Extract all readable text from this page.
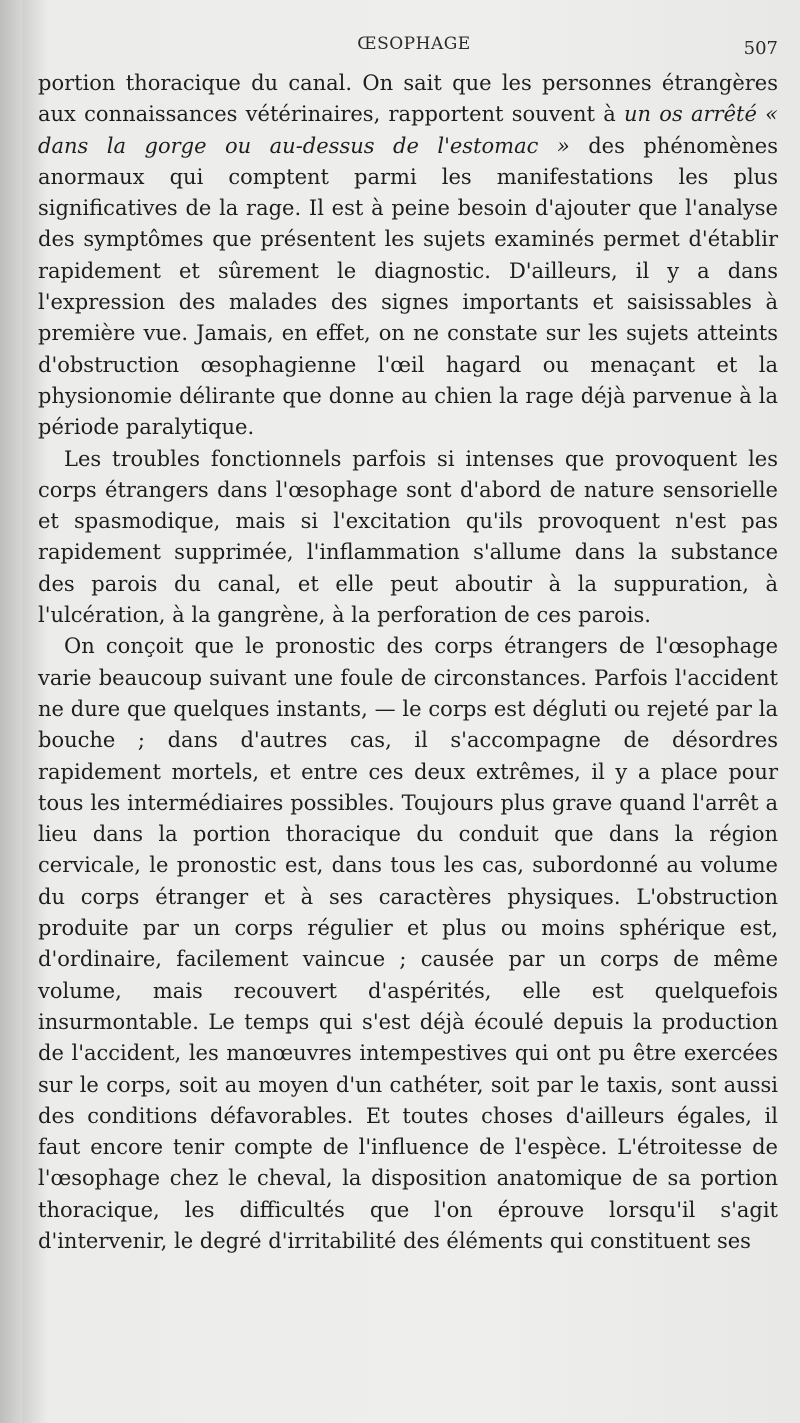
ŒSOPHAGE	507

portion thoracique du canal. On sait que les personnes étrangères aux connaissances vétérinaires, rapportent souvent à un os arrêté « dans la gorge ou au-dessus de l'estomac » des phénomènes anormaux qui comptent parmi les manifestations les plus significatives de la rage. Il est à peine besoin d'ajouter que l'analyse des symptômes que présentent les sujets examinés permet d'établir rapidement et sûrement le diagnostic. D'ailleurs, il y a dans l'expression des malades des signes importants et saisissables à première vue. Jamais, en effet, on ne constate sur les sujets atteints d'obstruction œsophagienne l'œil hagard ou menaçant et la physionomie délirante que donne au chien la rage déjà parvenue à la période paralytique.

Les troubles fonctionnels parfois si intenses que provoquent les corps étrangers dans l'œsophage sont d'abord de nature sensorielle et spasmodique, mais si l'excitation qu'ils provoquent n'est pas rapidement supprimée, l'inflammation s'allume dans la substance des parois du canal, et elle peut aboutir à la suppuration, à l'ulcération, à la gangrène, à la perforation de ces parois.

On conçoit que le pronostic des corps étrangers de l'œsophage varie beaucoup suivant une foule de circonstances. Parfois l'accident ne dure que quelques instants, — le corps est dégluti ou rejeté par la bouche ; dans d'autres cas, il s'accompagne de désordres rapidement mortels, et entre ces deux extrêmes, il y a place pour tous les intermédiaires possibles. Toujours plus grave quand l'arrêt a lieu dans la portion thoracique du conduit que dans la région cervicale, le pronostic est, dans tous les cas, subordonné au volume du corps étranger et à ses caractères physiques. L'obstruction produite par un corps régulier et plus ou moins sphérique est, d'ordinaire, facilement vaincue ; causée par un corps de même volume, mais recouvert d'aspérités, elle est quelquefois insurmontable. Le temps qui s'est déjà écoulé depuis la production de l'accident, les manœuvres intempestives qui ont pu être exercées sur le corps, soit au moyen d'un cathéter, soit par le taxis, sont aussi des conditions défavorables. Et toutes choses d'ailleurs égales, il faut encore tenir compte de l'influence de l'espèce. L'étroitesse de l'œsophage chez le cheval, la disposition anatomique de sa portion thoracique, les difficultés que l'on éprouve lorsqu'il s'agit d'intervenir, le degré d'irritabilité des éléments qui constituent ses
